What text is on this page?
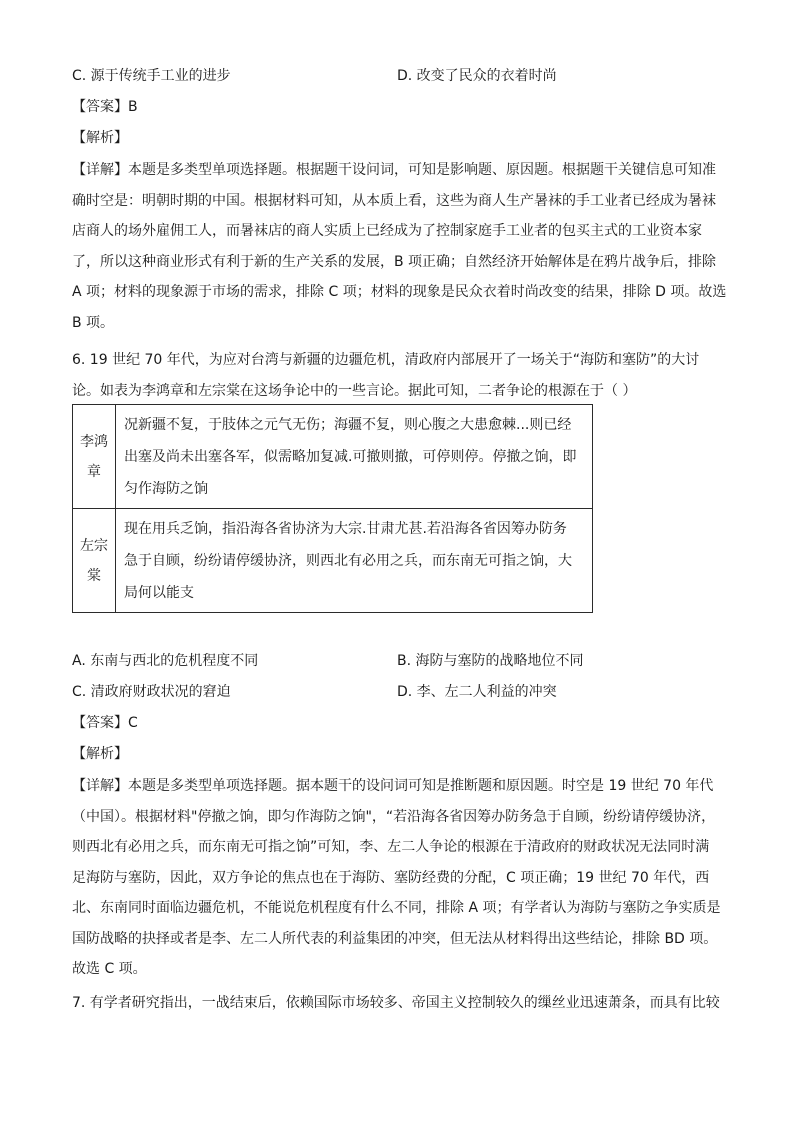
C. 源于传统手工业的进步	D. 改变了民众的衣着时尚
【答案】B
【解析】
【详解】本题是多类型单项选择题。根据题干设问词，可知是影响题、原因题。根据题干关键信息可知准
确时空是：明朝时期的中国。根据材料可知，从本质上看，这些为商人生产暑袜的手工业者已经成为暑袜
店商人的场外雇佣工人，而暑袜店的商人实质上已经成为了控制家庭手工业者的包买主式的工业资本家
了，所以这种商业形式有利于新的生产关系的发展，B 项正确；自然经济开始解体是在鸦片战争后，排除
A 项；材料的现象源于市场的需求，排除 C 项；材料的现象是民众衣着时尚改变的结果，排除 D 项。故选
B 项。
6. 19 世纪 70 年代，为应对台湾与新疆的边疆危机，清政府内部展开了一场关于“海防和塞防”的大讨
论。如表为李鸿章和左宗棠在这场争论中的一些言论。据此可知，二者争论的根源在于（ ）
李鸿
章	况新疆不复，于肢体之元气无伤；海疆不复，则心腹之大患愈棘...则已经
出塞及尚未出塞各军，似需略加复减.可撤则撤，可停则停。停撤之饷，即
匀作海防之饷

左宗
棠	现在用兵乏饷，指沿海各省协济为大宗.甘肃尤甚.若沿海各省因筹办防务
急于自顾，纷纷请停缓协济，则西北有必用之兵，而东南无可指之饷，大
局何以能支
A. 东南与西北的危机程度不同	B. 海防与塞防的战略地位不同
C. 清政府财政状况的窘迫	D. 李、左二人利益的冲突
【答案】C
【解析】
【详解】本题是多类型单项选择题。据本题干的设问词可知是推断题和原因题。时空是 19 世纪 70 年代
（中国）。根据材料"停撤之饷，即匀作海防之饷"，“若沿海各省因筹办防务急于自顾，纷纷请停缓协济，
则西北有必用之兵，而东南无可指之饷”可知，李、左二人争论的根源在于清政府的财政状况无法同时满
足海防与塞防，因此，双方争论的焦点也在于海防、塞防经费的分配，C 项正确；19 世纪 70 年代，西
北、东南同时面临边疆危机，不能说危机程度有什么不同，排除 A 项；有学者认为海防与塞防之争实质是
国防战略的抉择或者是李、左二人所代表的利益集团的冲突，但无法从材料得出这些结论，排除 BD 项。
故选 C 项。
7. 有学者研究指出，一战结束后，依赖国际市场较多、帝国主义控制较久的缫丝业迅速萧条，而具有比较
